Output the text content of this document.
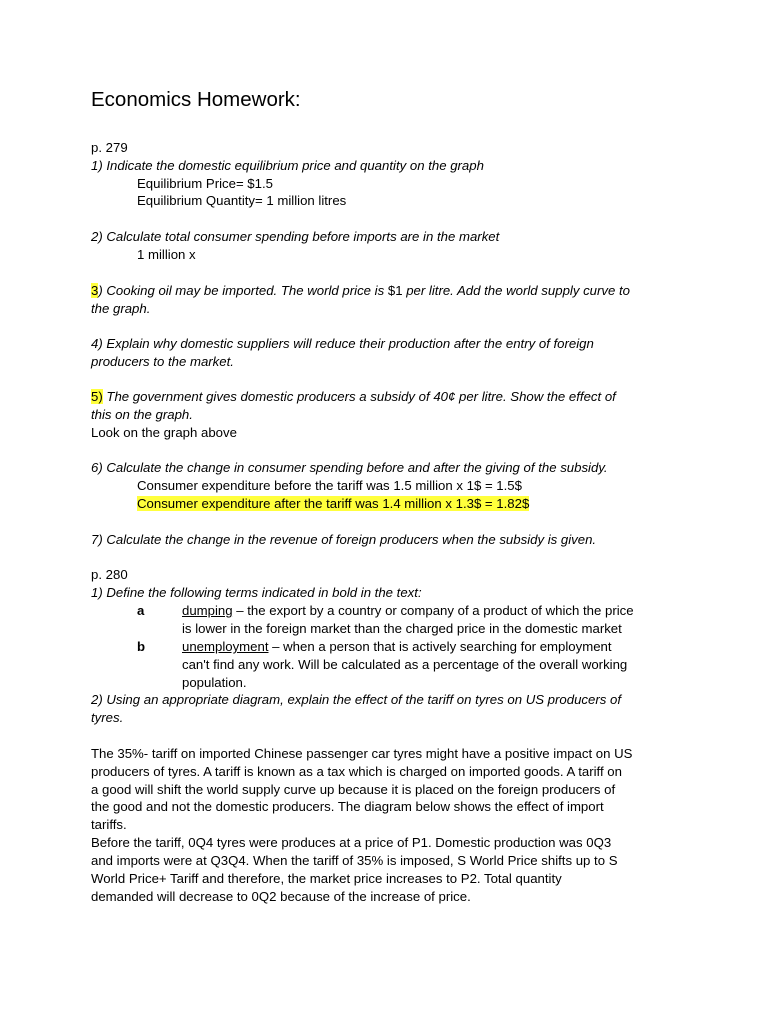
Economics Homework:
p. 279
1) Indicate the domestic equilibrium price and quantity on the graph
Equilibrium Price= $1.5
Equilibrium Quantity= 1 million litres
2) Calculate total consumer spending before imports are in the market
1 million x
3) Cooking oil may be imported. The world price is $1 per litre. Add the world supply curve to
the graph.
4) Explain why domestic suppliers will reduce their production after the entry of foreign
producers to the market.
5) The government gives domestic producers a subsidy of 40¢ per litre. Show the effect of
this on the graph.
Look on the graph above
6) Calculate the change in consumer spending before and after the giving of the subsidy.
Consumer expenditure before the tariff was 1.5 million x 1$ = 1.5$
Consumer expenditure after the tariff was 1.4 million x 1.3$ = 1.82$
7) Calculate the change in the revenue of foreign producers when the subsidy is given.
p. 280
1) Define the following terms indicated in bold in the text:
a	dumping – the export by a country or company of a product of which the price
is lower in the foreign market than the charged price in the domestic market
b	unemployment – when a person that is actively searching for employment
can't find any work. Will be calculated as a percentage of the overall working
population.
2) Using an appropriate diagram, explain the effect of the tariff on tyres on US producers of
tyres.
The 35%- tariff on imported Chinese passenger car tyres might have a positive impact on US
producers of tyres. A tariff is known as a tax which is charged on imported goods. A tariff on
a good will shift the world supply curve up because it is placed on the foreign producers of
the good and not the domestic producers. The diagram below shows the effect of import
tariffs.
Before the tariff, 0Q4 tyres were produces at a price of P1. Domestic production was 0Q3
and imports were at Q3Q4. When the tariff of 35% is imposed, S World Price shifts up to S
World Price+ Tariff and therefore, the market price increases to P2. Total quantity
demanded will decrease to 0Q2 because of the increase of price.
